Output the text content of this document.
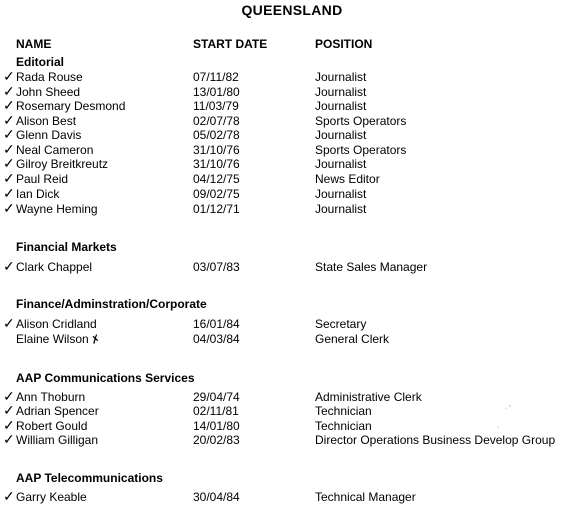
QUEENSLAND
NAME	START DATE	POSITION
Editorial
✓ Rada Rouse	07/11/82	Journalist
✓ John Sheed	13/01/80	Journalist
✓ Rosemary Desmond	11/03/79	Journalist
✓ Alison Best	02/07/78	Sports Operators
✓ Glenn Davis	05/02/78	Journalist
✓ Neal Cameron	31/10/76	Sports Operators
✓ Gilroy Breitkreutz	31/10/76	Journalist
✓ Paul Reid	04/12/75	News Editor
✓ Ian Dick	09/02/75	Journalist
✓ Wayne Heming	01/12/71	Journalist
Financial Markets
✓ Clark Chappel	03/07/83	State Sales Manager
Finance/Adminstration/Corporate
✓ Alison Cridland	16/01/84	Secretary
Elaine Wilson✗	04/03/84	General Clerk
AAP Communications Services
✓ Ann Thoburn	29/04/74	Administrative Clerk
✓ Adrian Spencer	02/11/81	Technician
✓ Robert Gould	14/01/80	Technician
✓ William Gilligan	20/02/83	Director Operations Business Develop Group
AAP Telecommunications
✓ Garry Keable	30/04/84	Technical Manager
· ‘
·
